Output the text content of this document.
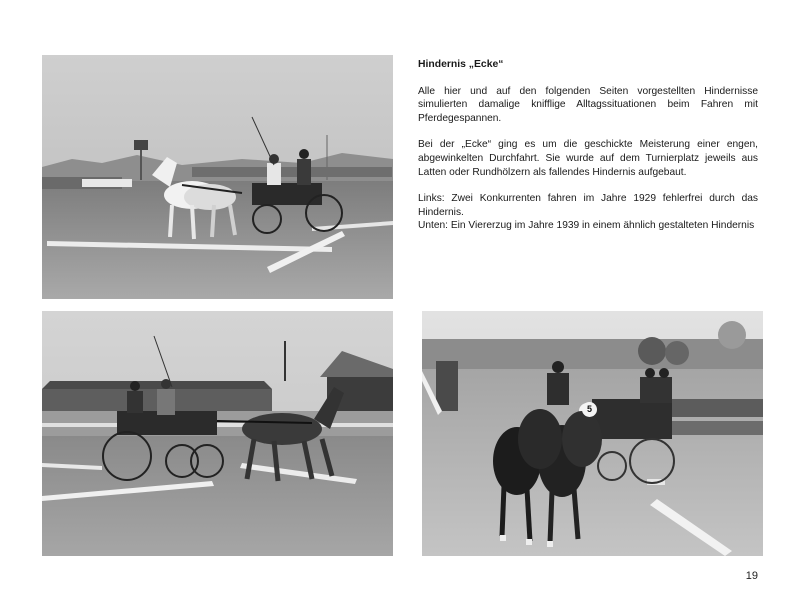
5

Hindernis „Ecke“

Alle hier und auf den folgenden Seiten vorgestellten Hindernisse simulierten damalige knifflige Alltagssituationen beim Fahren mit Pferdegespannen.

Bei der „Ecke“ ging es um die geschickte Meisterung einer engen, abgewinkelten Durchfahrt. Sie wurde auf dem Turnierplatz jeweils aus Latten oder Rundhölzern als fallendes Hindernis aufgebaut.

Links: Zwei Konkurrenten fahren im Jahre 1929 fehlerfrei durch das Hindernis.

Unten: Ein Viererzug im Jahre 1939 in einem ähnlich gestalteten Hindernis

19
